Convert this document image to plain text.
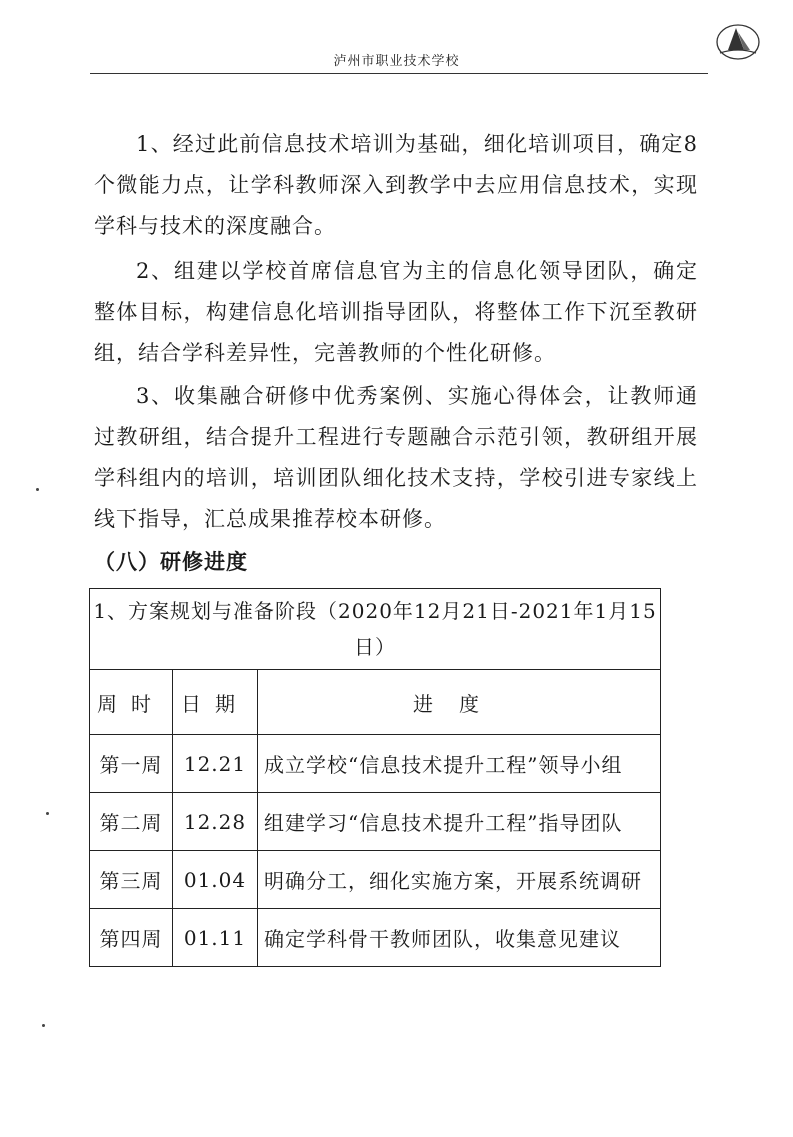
泸州市职业技术学校

1、经过此前信息技术培训为基础，细化培训项目，确定8个微能力点，让学科教师深入到教学中去应用信息技术，实现学科与技术的深度融合。

2、组建以学校首席信息官为主的信息化领导团队，确定整体目标，构建信息化培训指导团队，将整体工作下沉至教研组，结合学科差异性，完善教师的个性化研修。

3、收集融合研修中优秀案例、实施心得体会，让教师通过教研组，结合提升工程进行专题融合示范引领，教研组开展学科组内的培训，培训团队细化技术支持，学校引进专家线上线下指导，汇总成果推荐校本研修。

（八）研修进度
1、方案规划与准备阶段（2020年12月21日-2021年1月15日）		
周时	日期	进度
第一周	12.21	成立学校“信息技术提升工程”领导小组
第二周	12.28	组建学习“信息技术提升工程”指导团队
第三周	01.04	明确分工，细化实施方案，开展系统调研
第四周	01.11	确定学科骨干教师团队，收集意见建议
